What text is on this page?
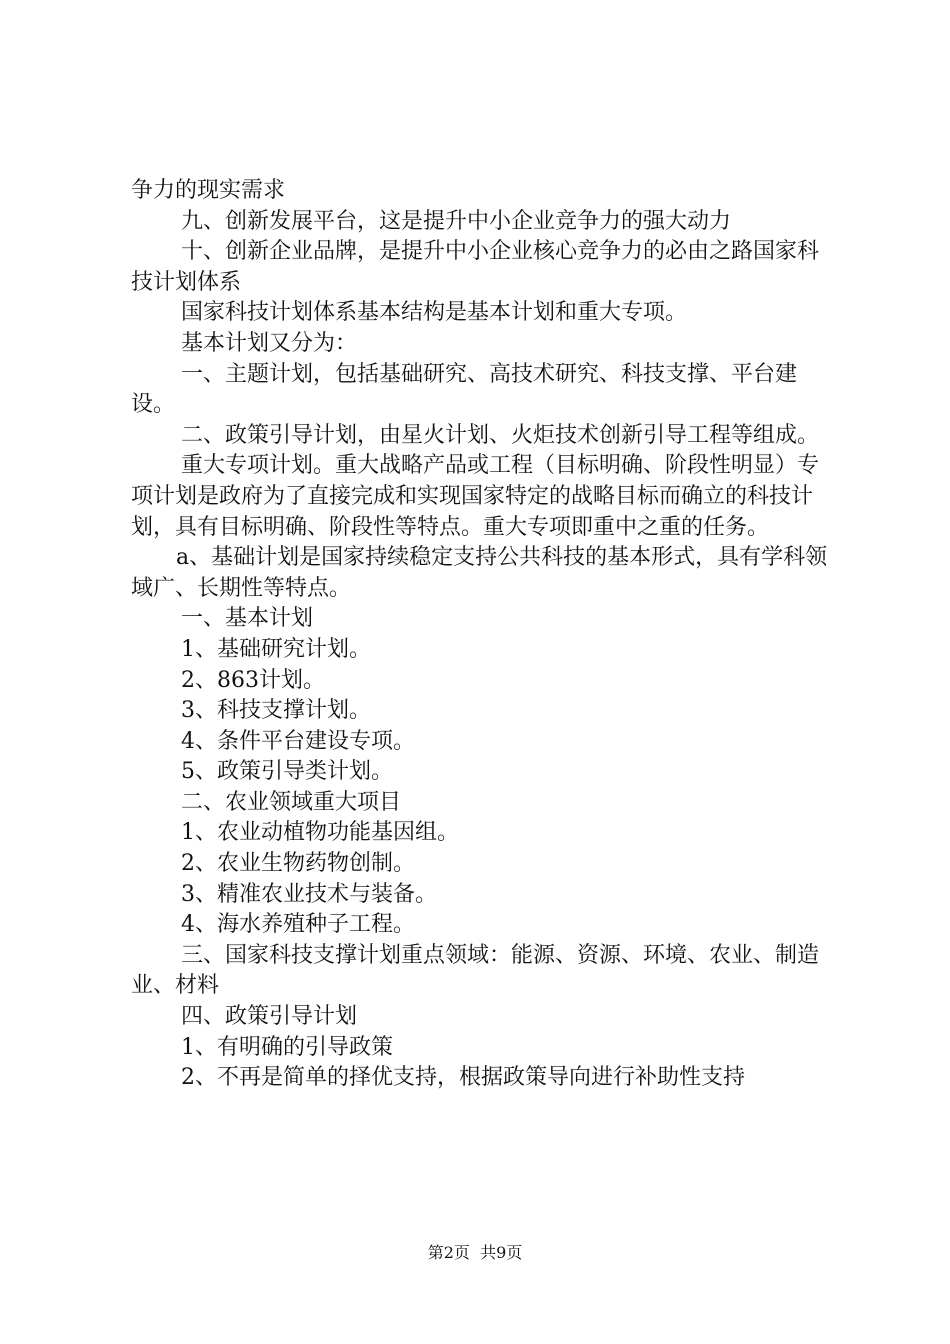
争力的现实需求

九、创新发展平台，这是提升中小企业竞争力的强大动力

十、创新企业品牌，是提升中小企业核心竞争力的必由之路国家科技计划体系

国家科技计划体系基本结构是基本计划和重大专项。

基本计划又分为：

一、主题计划，包括基础研究、高技术研究、科技支撑、平台建设。

二、政策引导计划，由星火计划、火炬技术创新引导工程等组成。

重大专项计划。重大战略产品或工程（目标明确、阶段性明显）专项计划是政府为了直接完成和实现国家特定的战略目标而确立的科技计划，具有目标明确、阶段性等特点。重大专项即重中之重的任务。

a、基础计划是国家持续稳定支持公共科技的基本形式，具有学科领域广、长期性等特点。

一、基本计划

1、基础研究计划。

2、863计划。

3、科技支撑计划。

4、条件平台建设专项。

5、政策引导类计划。

二、农业领域重大项目

1、农业动植物功能基因组。

2、农业生物药物创制。

3、精准农业技术与装备。

4、海水养殖种子工程。

三、国家科技支撑计划重点领域：能源、资源、环境、农业、制造业、材料

四、政策引导计划

1、有明确的引导政策

2、不再是简单的择优支持，根据政策导向进行补助性支持

第2页  共9页
